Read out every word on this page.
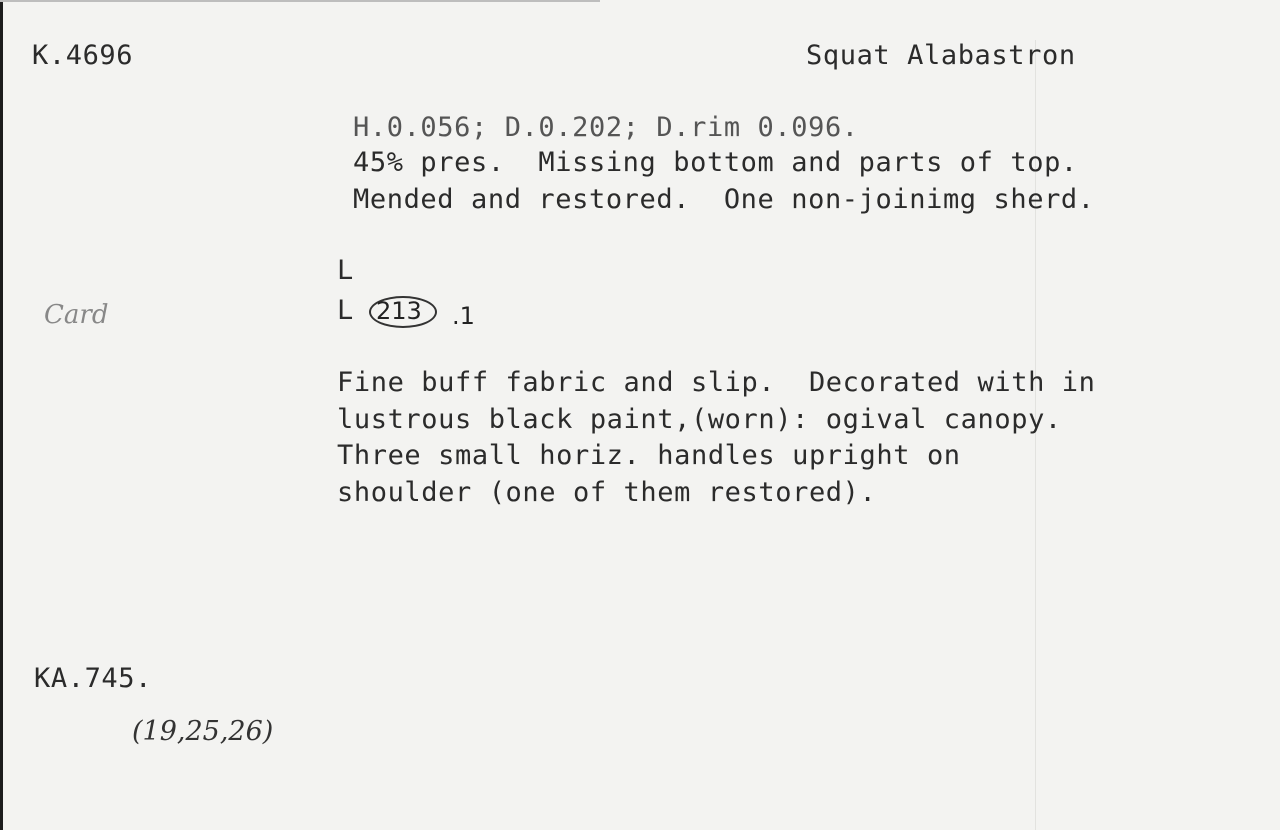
K.4696	Squat Alabastron

H.0.056; D.0.202; D.rim 0.096.

45% pres.  Missing bottom and parts of top.

Mended and restored.  One non-joinimg sherd.

L

L 213 .1

Card

Fine buff fabric and slip.  Decorated with in

lustrous black paint,(worn): ogival canopy.

Three small horiz. handles upright on

shoulder (one of them restored).

KA.745.

(19,25,26)
